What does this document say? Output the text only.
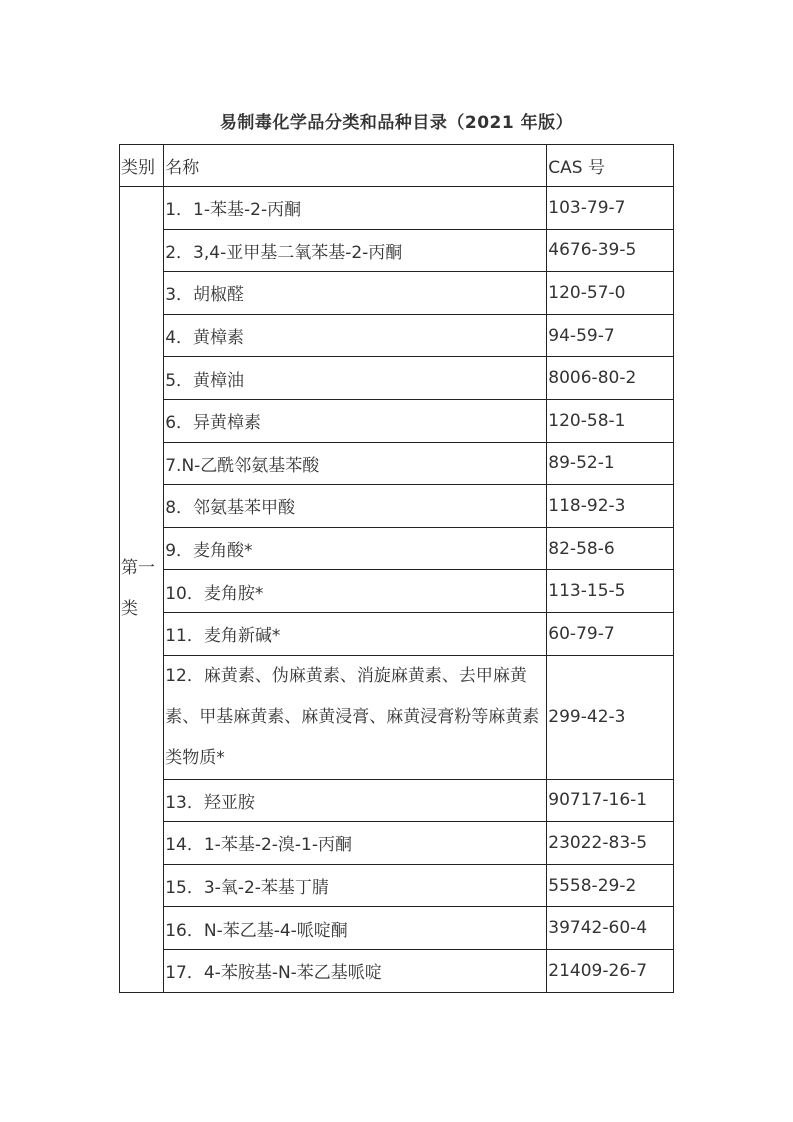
易制毒化学品分类和品种目录（2021 年版）
类别	名称	CAS 号
第一类	1．1-苯基-2-丙酮	103-79-7
	2．3,4-亚甲基二氧苯基-2-丙酮	4676-39-5
	3．胡椒醛	120-57-0
	4．黄樟素	94-59-7
	5．黄樟油	8006-80-2
	6．异黄樟素	120-58-1
	7.N-乙酰邻氨基苯酸	89-52-1
	8．邻氨基苯甲酸	118-92-3
	9．麦角酸*	82-58-6
	10．麦角胺*	113-15-5
	11．麦角新碱*	60-79-7
	12．麻黄素、伪麻黄素、消旋麻黄素、去甲麻黄素、甲基麻黄素、麻黄浸膏、麻黄浸膏粉等麻黄素类物质*	299-42-3
	13．羟亚胺	90717-16-1
	14．1-苯基-2-溴-1-丙酮	23022-83-5
	15．3-氧-2-苯基丁腈	5558-29-2
	16．N-苯乙基-4-哌啶酮	39742-60-4
	17．4-苯胺基-N-苯乙基哌啶	21409-26-7
